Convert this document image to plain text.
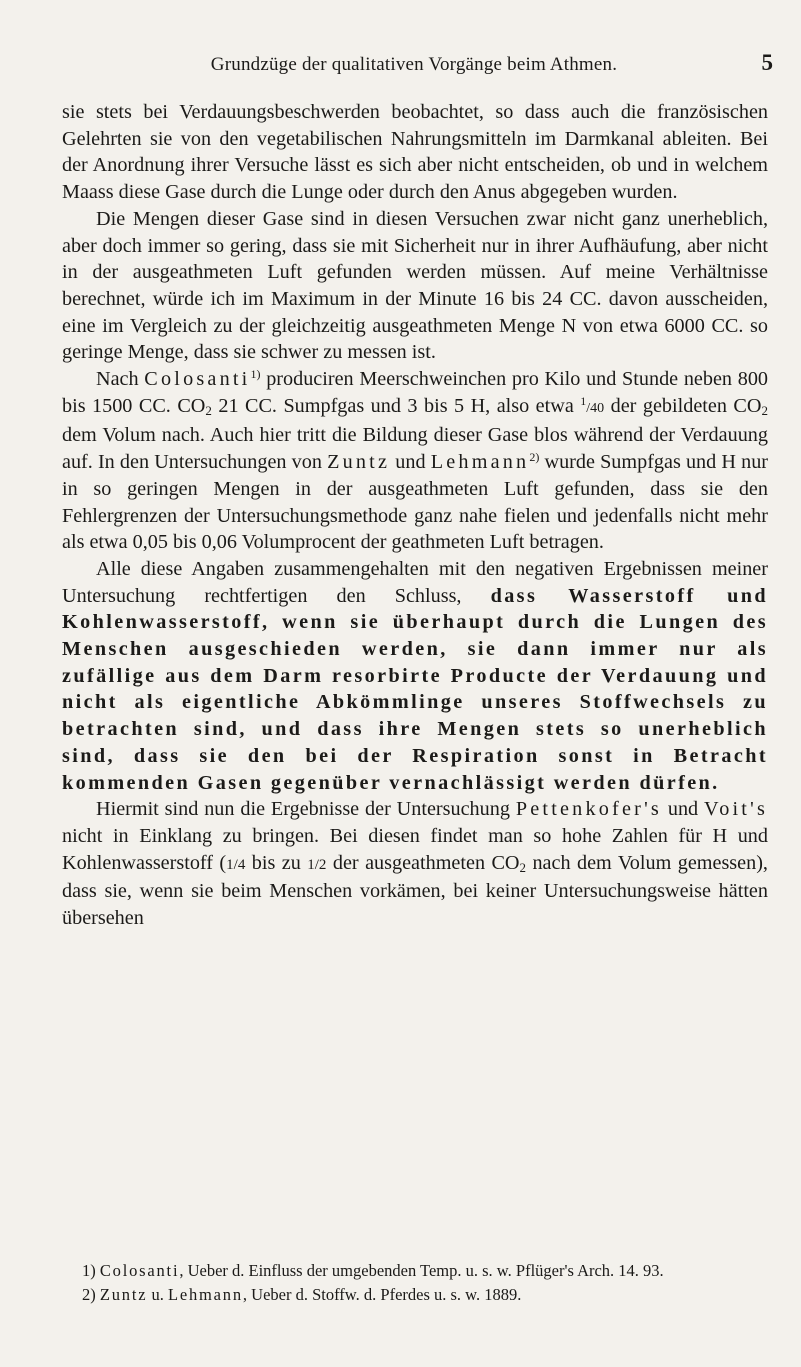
Grundzüge der qualitativen Vorgänge beim Athmen.	5

sie stets bei Verdauungsbeschwerden beobachtet, so dass auch die französischen Gelehrten sie von den vegetabilischen Nahrungsmitteln im Darmkanal ableiten. Bei der Anordnung ihrer Versuche lässt es sich aber nicht entscheiden, ob und in welchem Maass diese Gase durch die Lunge oder durch den Anus abgegeben wurden.

Die Mengen dieser Gase sind in diesen Versuchen zwar nicht ganz unerheblich, aber doch immer so gering, dass sie mit Sicherheit nur in ihrer Aufhäufung, aber nicht in der ausgeathmeten Luft gefunden werden müssen. Auf meine Verhältnisse berechnet, würde ich im Maximum in der Minute 16 bis 24 CC. davon ausscheiden, eine im Vergleich zu der gleichzeitig ausgeathmeten Menge N von etwa 6000 CC. so geringe Menge, dass sie schwer zu messen ist.

Nach Colosanti$^{1)}$ produciren Meerschweinchen pro Kilo und Stunde neben 800 bis 1500 CC. $CO_2$ 21 CC. Sumpfgas und 3 bis 5 H, also etwa $^1$/40 der gebildeten $CO_2$ dem Volum nach. Auch hier tritt die Bildung dieser Gase blos während der Verdauung auf. In den Untersuchungen von Zuntz und Lehmann$^{2)}$ wurde Sumpfgas und H nur in so geringen Mengen in der ausgeathmeten Luft gefunden, dass sie den Fehlergrenzen der Untersuchungsmethode ganz nahe fielen und jedenfalls nicht mehr als etwa 0,05 bis 0,06 Volumprocent der geathmeten Luft betragen.

Alle diese Angaben zusammengehalten mit den negativen Ergebnissen meiner Untersuchung rechtfertigen den Schluss, dass Wasserstoff und Kohlenwasserstoff, wenn sie überhaupt durch die Lungen des Menschen ausgeschieden werden, sie dann immer nur als zufällige aus dem Darm resorbirte Producte der Verdauung und nicht als eigentliche Abkömmlinge unseres Stoffwechsels zu betrachten sind, und dass ihre Mengen stets so unerheblich sind, dass sie den bei der Respiration sonst in Betracht kommenden Gasen gegenüber vernachlässigt werden dürfen.

Hiermit sind nun die Ergebnisse der Untersuchung Pettenkofer's und Voit's nicht in Einklang zu bringen. Bei diesen findet man so hohe Zahlen für H und Kohlenwasserstoff (1/4 bis zu 1/2 der ausgeathmeten $CO_2$ nach dem Volum gemessen), dass sie, wenn sie beim Menschen vorkämen, bei keiner Untersuchungsweise hätten übersehen

1) Colosanti, Ueber d. Einfluss der umgebenden Temp. u. s. w. Pflüger's Arch. 14. 93.

2) Zuntz u. Lehmann, Ueber d. Stoffw. d. Pferdes u. s. w. 1889.
